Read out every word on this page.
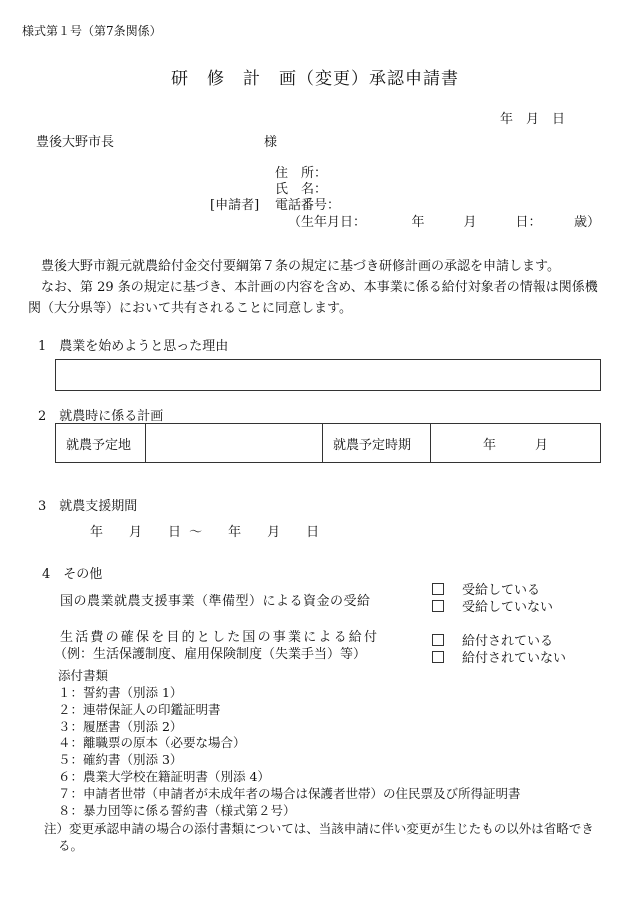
様式第１号（第7条関係）
研　修　計　画（変更）承認申請書
年　月　日
豊後大野市長	様
住　所：
氏　名：
[申請者] 電話番号：
（生年月日：　　　　年　　　月　　　日：　　　歳）
豊後大野市親元就農給付金交付要綱第７条の規定に基づき研修計画の承認を申請します。
なお、第 29 条の規定に基づき、本計画の内容を含め、本事業に係る給付対象者の情報は関係機関（大分県等）において共有されることに同意します。
1　農業を始めようと思った理由
2　就農時に係る計画
就農予定地		就農予定時期	年　　　月
3　就農支援期間
年　　月　　日 〜　　年　　月　　日
4　その他
国の農業就農支援事業（準備型）による資金の受給
受給している
受給していない
生活費の確保を目的とした国の事業による給付
（例：生活保護制度、雇用保険制度（失業手当）等）
給付されている
給付されていない
添付書類
１：誓約書（別添 1）
２：連帯保証人の印鑑証明書
３：履歴書（別添 2）
４：離職票の原本（必要な場合）
５：確約書（別添 3）
６：農業大学校在籍証明書（別添 4）
７：申請者世帯（申請者が未成年者の場合は保護者世帯）の住民票及び所得証明書
８：暴力団等に係る誓約書（様式第２号）
注）変更承認申請の場合の添付書類については、当該申請に伴い変更が生じたもの以外は省略できる。
